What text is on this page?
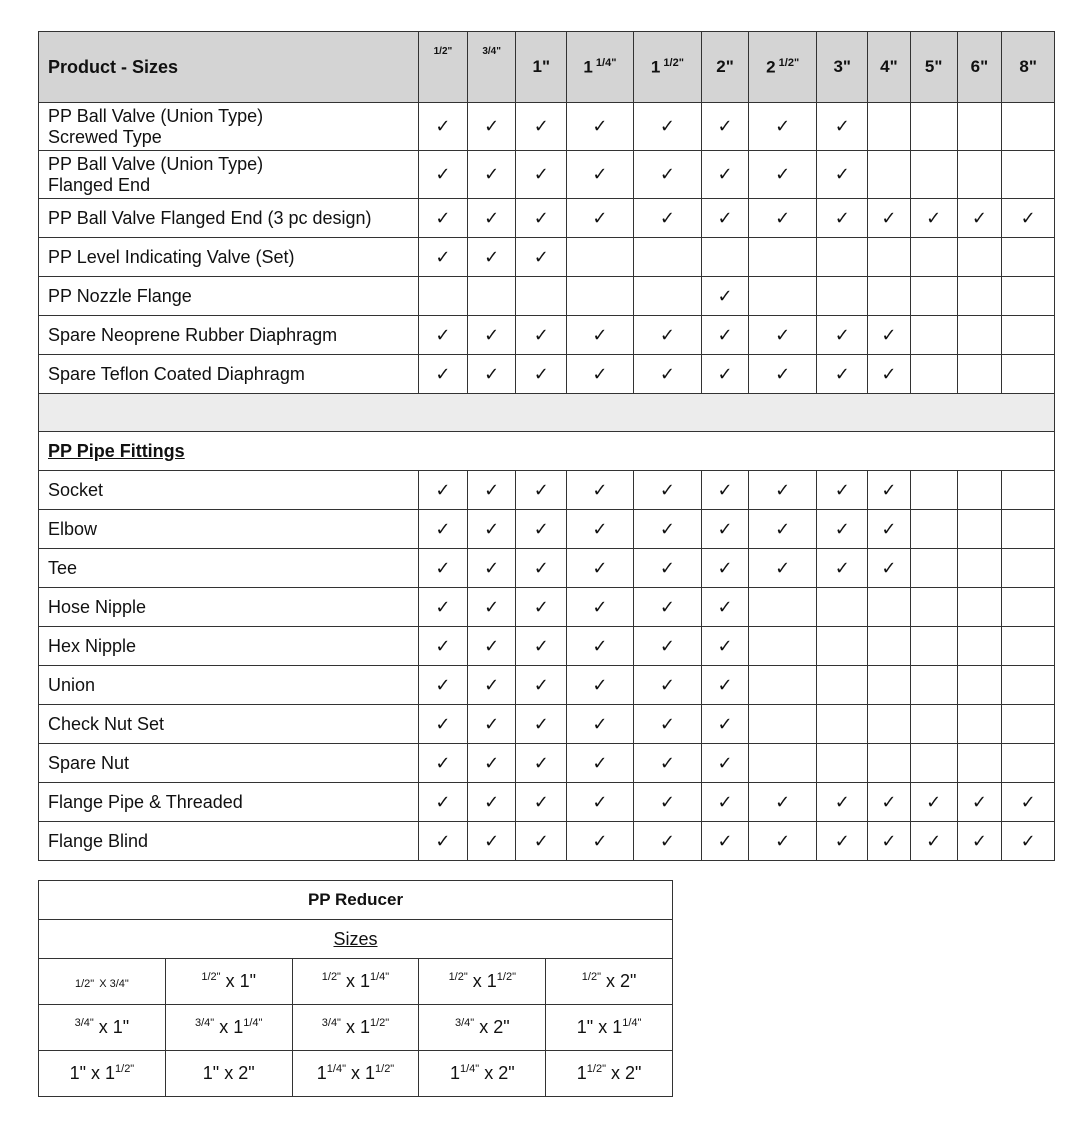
Product - Sizes	1/2"	3/4"	1"	1 $^{1/4"}$	1 $^{1/2"}$	2"	2 $^{1/2"}$	3"	4"	5"	6"	8"

PP Ball Valve (Union Type)
Screwed Type	✓	✓	✓	✓	✓	✓	✓	✓				

PP Ball Valve (Union Type)
Flanged End	✓	✓	✓	✓	✓	✓	✓	✓				

PP Ball Valve Flanged End (3 pc design)	✓	✓	✓	✓	✓	✓	✓	✓	✓	✓	✓	✓

PP Level Indicating Valve (Set)	✓	✓	✓									

PP Nozzle Flange						✓						

Spare Neoprene Rubber Diaphragm	✓	✓	✓	✓	✓	✓	✓	✓	✓			

Spare Teflon Coated Diaphragm	✓	✓	✓	✓	✓	✓	✓	✓	✓			

PP Pipe Fittings												
Socket	✓	✓	✓	✓	✓	✓	✓	✓	✓			
Elbow	✓	✓	✓	✓	✓	✓	✓	✓	✓			
Tee	✓	✓	✓	✓	✓	✓	✓	✓	✓			
Hose Nipple	✓	✓	✓	✓	✓	✓						
Hex Nipple	✓	✓	✓	✓	✓	✓						
Union	✓	✓	✓	✓	✓	✓						
Check Nut Set	✓	✓	✓	✓	✓	✓						
Spare Nut	✓	✓	✓	✓	✓	✓						
Flange Pipe & Threaded	✓	✓	✓	✓	✓	✓	✓	✓	✓	✓	✓	✓
Flange Blind	✓	✓	✓	✓	✓	✓	✓	✓	✓	✓	✓	✓
PP Reducer				
Sizes				
1/2" X 3/4"	$^{1/2"}$ x 1"	$^{1/2"}$ x $1^{1/4"}$	$^{1/2"}$ x $1^{1/2"}$	$^{1/2"}$ x 2"
$^{3/4"}$ x 1"	$^{3/4"}$ x $1^{1/4"}$	$^{3/4"}$ x $1^{1/2"}$	$^{3/4"}$ x 2"	1" x $1^{1/4"}$
1" x $1^{1/2"}$	1" x 2"	$1^{1/4"}$ x $1^{1/2"}$	$1^{1/4"}$ x 2"	$1^{1/2"}$ x 2"
